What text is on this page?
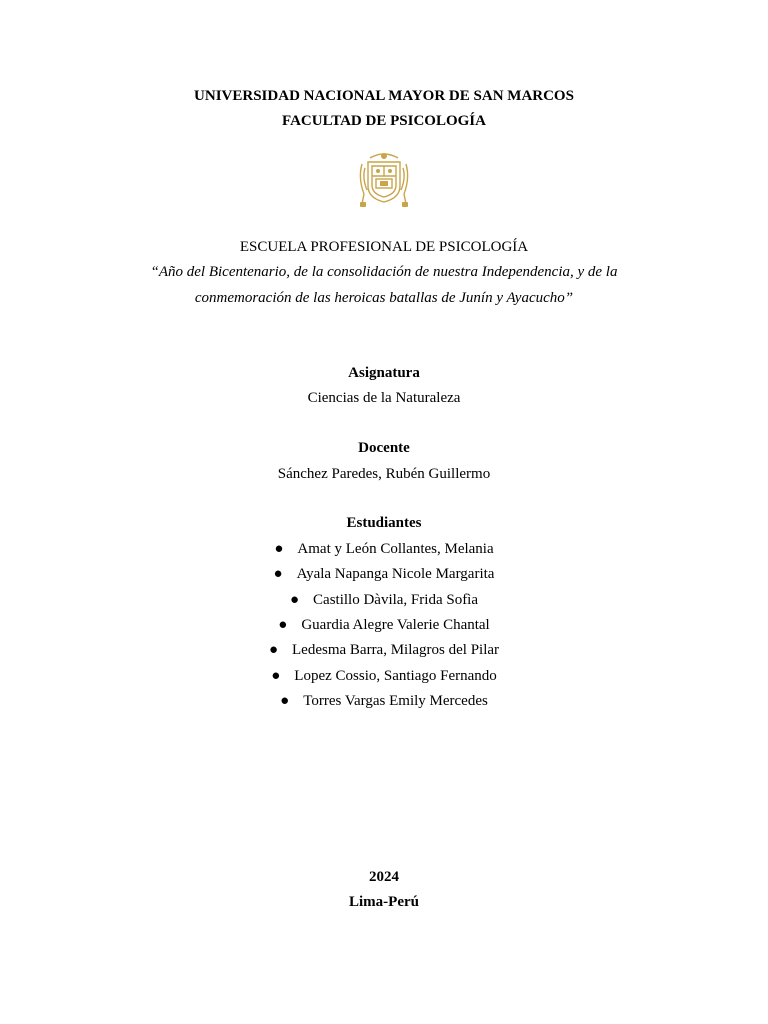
UNIVERSIDAD NACIONAL MAYOR DE SAN MARCOS
FACULTAD DE PSICOLOGÍA
ESCUELA PROFESIONAL DE PSICOLOGÍA
“Año del Bicentenario, de la consolidación de nuestra Independencia, y de la
conmemoración de las heroicas batallas de Junín y Ayacucho”
Asignatura
Ciencias de la Naturaleza
Docente
Sánchez Paredes, Rubén Guillermo
Estudiantes
● Amat y León Collantes, Melania
● Ayala Napanga Nicole Margarita
● Castillo Dàvila, Frida Sofìa
● Guardia Alegre Valerie Chantal
● Ledesma Barra, Milagros del Pilar
● Lopez Cossio, Santiago Fernando
● Torres Vargas Emily Mercedes
2024
Lima-Perú
